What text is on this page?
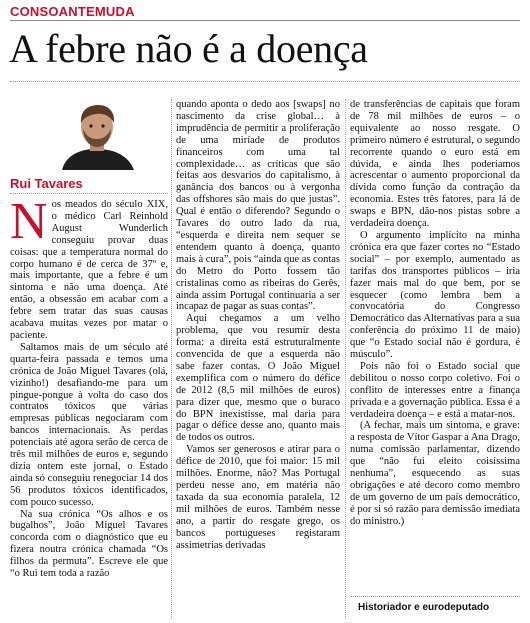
CONSOANTEMUDA
A febre não é a doença
Rui Tavares

Nos meados do século XIX, o médico Carl Reinhold August Wunderlich conseguiu provar duas coisas: que a temperatura normal do corpo humano é de cerca de 37º e, mais importante, que a febre é um sintoma e não uma doença. Até então, a obsessão em acabar com a febre sem tratar das suas causas acabava muitas vezes por matar o paciente.

Saltamos mais de um século até quarta-feira passada e temos uma crónica de João Miguel Tavares (olá, vizinho!) desafiando-me para um pingue-pongue à volta do caso dos contratos tóxicos que várias empresas públicas negociaram com bancos internacionais. As perdas potenciais até agora serão de cerca de três mil milhões de euros e, segundo dizia ontem este jornal, o Estado ainda só conseguiu renegociar 14 dos 56 produtos tóxicos identificados, com pouco sucesso.

Na sua crónica “Os alhos e os bugalhos”, João Miguel Tavares concorda com o diagnóstico que eu fizera noutra crónica chamada “Os filhos da permuta”. Escreve ele que “o Rui tem toda a razão

quando aponta o dedo aos [swaps] no nascimento da crise global… à imprudência de permitir a proliferação de uma miríade de produtos financeiros com uma tal complexidade… as críticas que são feitas aos desvarios do capitalismo, à ganância dos bancos ou à vergonha das offshores são mais do que justas”. Qual é então o diferendo? Segundo o Tavares do outro lado da rua, “esquerda e direita nem sequer se entendem quanto à doença, quanto mais à cura”, pois “ainda que as contas do Metro do Porto fossem tão cristalinas como as ribeiras do Gerês, ainda assim Portugal continuaria a ser incapaz de pagar as suas contas”.

Aqui chegamos a um velho problema, que vou resumir desta forma: a direita está estruturalmente convencida de que a esquerda não sabe fazer contas. O João Miguel exemplifica com o número do défice de 2012 (8,5 mil milhões de euros) para dizer que, mesmo que o buraco do BPN inexistisse, mal daria para pagar o défice desse ano, quanto mais de todos os outros.

Vamos ser generosos e atirar para o défice de 2010, que foi maior: 15 mil milhões. Enorme, não? Mas Portugal perdeu nesse ano, em matéria não taxada da sua economia paralela, 12 mil milhões de euros. Também nesse ano, a partir do resgate grego, os bancos portugueses registaram assimetrias derivadas

de transferências de capitais que foram de 78 mil milhões de euros – o equivalente ao nosso resgate. O primeiro número é estrutural, o segundo recorrente quando o euro está em dúvida, e ainda lhes poderíamos acrescentar o aumento proporcional da dívida como função da contração da economia. Estes três fatores, para lá de swaps e BPN, dão-nos pistas sobre a verdadeira doença.

O argumento implícito na minha crónica era que fazer cortes no “Estado social” – por exemplo, aumentado as tarifas dos transportes públicos – iria fazer mais mal do que bem, por se esquecer (como lembra bem a convocatória do Congresso Democrático das Alternativas para a sua conferência do próximo 11 de maio) que “o Estado social não é gordura, é músculo”.

Pois não foi o Estado social que debilitou o nosso corpo coletivo. Foi o conflito de interesses entre a finança privada e a governação pública. Essa é a verdadeira doença – e está a matar-nos.

(A fechar, mais um sintoma, e grave: a resposta de Vítor Gaspar a Ana Drago, numa comissão parlamentar, dizendo que “não fui eleito coisíssima nenhuma”, esquecendo as suas obrigações e até decoro como membro de um governo de um país democrático, é por si só razão para demissão imediata do ministro.)

Historiador e eurodeputado
